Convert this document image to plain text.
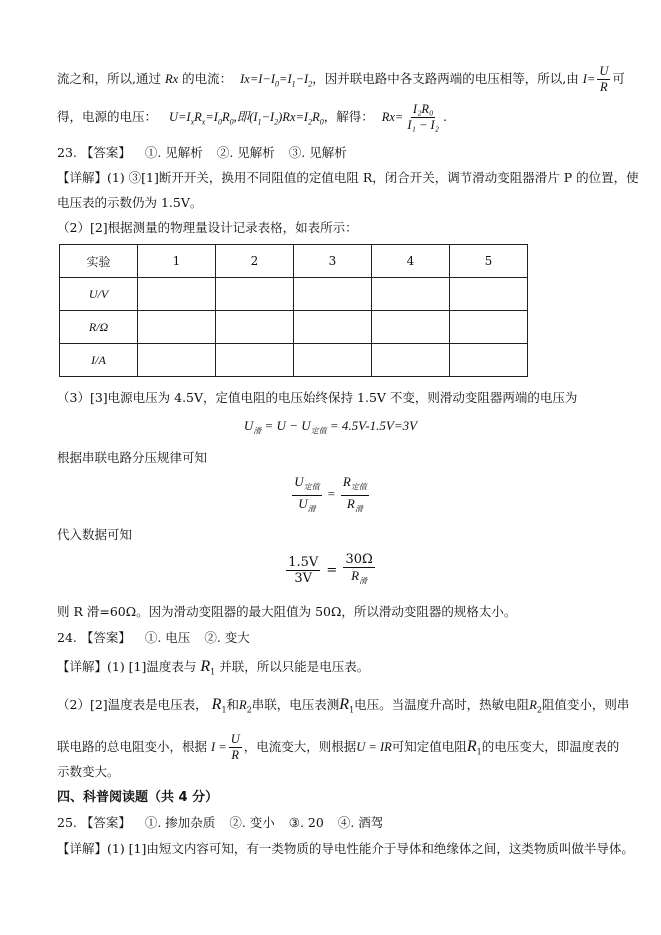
流之和，所以,通过 Rx 的电流： $Ix=I-I_0=I_1-I_2$，因并联电路中各支路两端的电压相等，所以,由 $I= \frac{U}{R}$ 可
得，电源的电压： $U=I_xR_x=I_0R_0$,即$(I_1-I_2)Rx=I_2R_0$，解得： $Rx= \frac{\text{I₂R₀}}{\text{I₁ − I₂}}$ .
23. 【答案】 ①. 见解析 ②. 见解析 ③. 见解析
【详解】(1) ③[1]断开开关，换用不同阻值的定值电阻 R，闭合开关，调节滑动变阻器滑片 P 的位置，使
电压表的示数仍为 1.5V。
（2）[2]根据测量的物理量设计记录表格，如表所示：
实验	1	2	3	4	5
U/V					
R/Ω					
I/A					
（3）[3]电源电压为 4.5V，定值电阻的电压始终保持 1.5V 不变，则滑动变阻器两端的电压为
$U_滑 = U - U_{定值} = 4.5V-1.5V=3V$
根据串联电路分压规律可知
$\frac{U_{定值}}{U_滑} = \frac{R_{定值}}{R_滑}$
代入数据可知
$\frac{1.5V}{3V} = \frac{30\Omega}{R_滑}$
则 R 滑=60Ω。因为滑动变阻器的最大阻值为 50Ω，所以滑动变阻器的规格太小。
24. 【答案】 ①. 电压 ②. 变大
【详解】(1) [1]温度表与 $R_1$ 并联，所以只能是电压表。
（2）[2]温度表是电压表， $R_1$和$R_2$串联，电压表测$R_1$电压。当温度升高时，热敏电阻$R_2$阻值变小，则串
联电路的总电阻变小，根据 $I = \frac{U}{R}$ ，电流变大，则根据U = IR可知定值电阻$R_1$的电压变大，即温度表的
示数变大。
四、科普阅读题（共 4 分）
25. 【答案】 ①. 掺加杂质 ②. 变小 ③. 20 ④. 酒驾
【详解】(1) [1]由短文内容可知，有一类物质的导电性能介于导体和绝缘体之间，这类物质叫做半导体。
